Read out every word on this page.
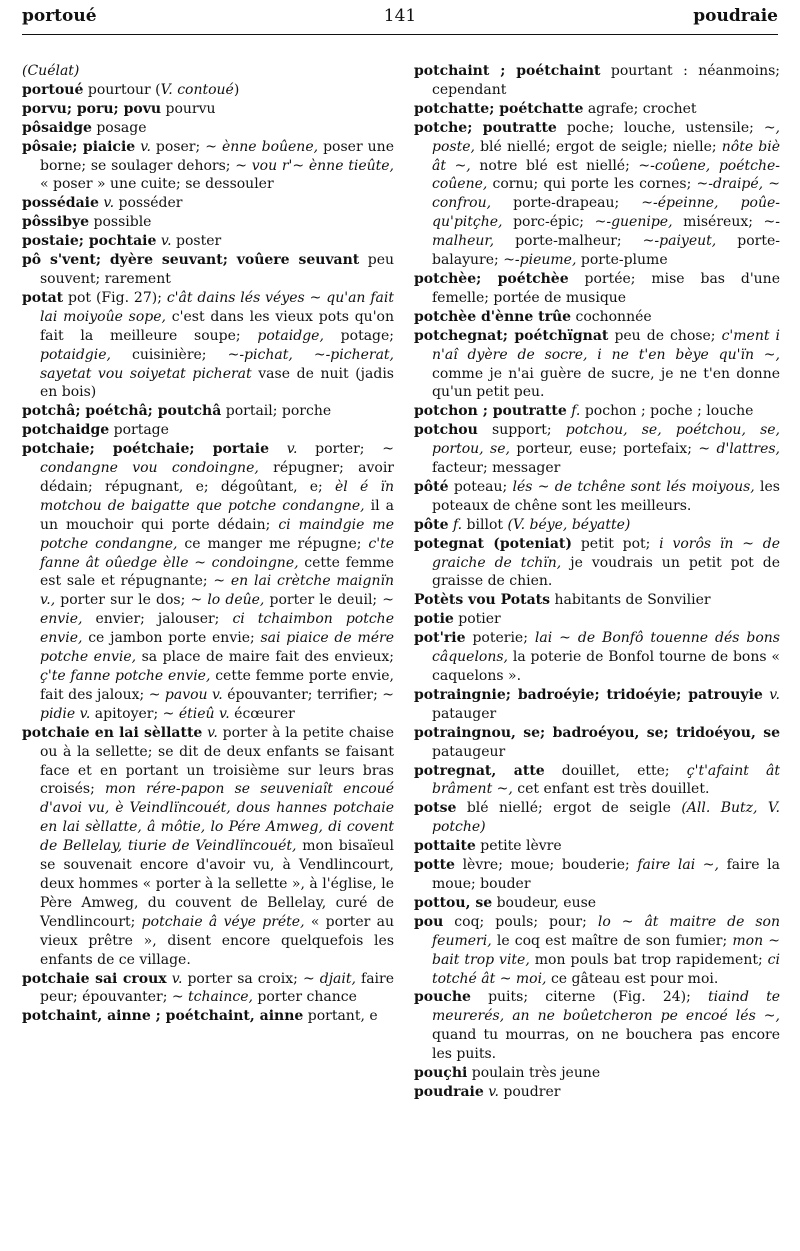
portoué	141	poudraie

(Cuélat)

portoué pourtour (V. contoué)

porvu; poru; povu pourvu

pôsaidge posage

pôsaie; piaicie v. poser; ~ ènne boûene, poser une borne; se soulager dehors; ~ vou r'~ ènne tieûte, « poser » une cuite; se dessouler

possédaie v. posséder

pôssibye possible

postaie; pochtaie v. poster

pô s'vent; dyère seuvant; voûere seuvant peu souvent; rarement

potat pot (Fig. 27); c'ât dains lés véyes ~ qu'an fait lai moiyoûe sope, c'est dans les vieux pots qu'on fait la meilleure soupe; potaidge, potage; potaidgie, cuisinière; ~-pichat, ~-picherat, sayetat vou soiyetat picherat vase de nuit (jadis en bois)

potchâ; poétchâ; poutchâ portail; porche

potchaidge portage

potchaie; poétchaie; portaie v. porter; ~ condangne vou condoingne, répugner; avoir dédain; répugnant, e; dégoûtant, e; èl é ïn motchou de baigatte que potche condangne, il a un mouchoir qui porte dédain; ci maindgie me potche condangne, ce manger me répugne; c'te fanne ât oûedge èlle ~ condoingne, cette femme est sale et répugnante; ~ en lai crètche maignïn v., porter sur le dos; ~ lo deûe, porter le deuil; ~ envie, envier; jalouser; ci tchaimbon potche envie, ce jambon porte envie; sai piaice de mére potche envie, sa place de maire fait des envieux; ç'te fanne potche envie, cette femme porte envie, fait des jaloux; ~ pavou v. épouvanter; terrifier; ~ pidie v. apitoyer; ~ étieû v. écœurer

potchaie en lai sèllatte v. porter à la petite chaise ou à la sellette; se dit de deux enfants se faisant face et en portant un troisième sur leurs bras croisés; mon rére-papon se seuveniaît encoué d'avoi vu, è Veindlïncouét, dous hannes potchaie en lai sèllatte, â môtie, lo Pére Amweg, di covent de Bellelay, tiurie de Veindlïncouét, mon bisaïeul se souvenait encore d'avoir vu, à Vendlincourt, deux hommes « porter à la sellette », à l'église, le Père Amweg, du couvent de Bellelay, curé de Vendlincourt; potchaie â véye préte, « porter au vieux prêtre », disent encore quelquefois les enfants de ce village.

potchaie sai croux v. porter sa croix; ~ djait, faire peur; épouvanter; ~ tchaince, porter chance

potchaint, ainne ; poétchaint, ainne portant, e

potchaint ; poétchaint pourtant : néanmoins; cependant

potchatte; poétchatte agrafe; crochet

potche; poutratte poche; louche, ustensile; ~, poste, blé niellé; ergot de seigle; nielle; nôte biè ât ~, notre blé est niellé; ~-coûene, poétche-coûene, cornu; qui porte les cornes; ~-draipé, ~ confrou, porte-drapeau; ~-épeinne, poûe-qu'pitçhe, porc-épic; ~-guenipe, miséreux; ~-malheur, porte-malheur; ~-paiyeut, porte-balayure; ~-pieume, porte-plume

potchèe; poétchèe portée; mise bas d'une femelle; portée de musique

potchèe d'ènne trûe cochonnée

potchegnat; poétchïgnat peu de chose; c'ment i n'aî dyère de socre, i ne t'en bèye qu'ïn ~, comme je n'ai guère de sucre, je ne t'en donne qu'un petit peu.

potchon ; poutratte f. pochon ; poche ; louche

potchou support; potchou, se, poétchou, se, portou, se, porteur, euse; portefaix; ~ d'lattres, facteur; messager

pôté poteau; lés ~ de tchêne sont lés moiyous, les poteaux de chêne sont les meilleurs.

pôte f. billot (V. béye, béyatte)

potegnat (poteniat) petit pot; i vorôs ïn ~ de graiche de tchïn, je voudrais un petit pot de graisse de chien.

Potèts vou Potats habitants de Sonvilier

potie potier

pot'rie poterie; lai ~ de Bonfô touenne dés bons câquelons, la poterie de Bonfol tourne de bons « caquelons ».

potraingnie; badroéyie; tridoéyie; patrouyie v. patauger

potraingnou, se; badroéyou, se; tridoéyou, se pataugeur

potregnat, atte douillet, ette; ç't'afaint ât brâment ~, cet enfant est très douillet.

potse blé niellé; ergot de seigle (All. Butz, V. potche)

pottaite petite lèvre

potte lèvre; moue; bouderie; faire lai ~, faire la moue; bouder

pottou, se boudeur, euse

pou coq; pouls; pour; lo ~ ât maitre de son feumeri, le coq est maître de son fumier; mon ~ bait trop vite, mon pouls bat trop rapidement; ci totché ât ~ moi, ce gâteau est pour moi.

pouche puits; citerne (Fig. 24); tiaind te meurerés, an ne boûetcheron pe encoé lés ~, quand tu mourras, on ne bouchera pas encore les puits.

pouçhi poulain très jeune

poudraie v. poudrer
